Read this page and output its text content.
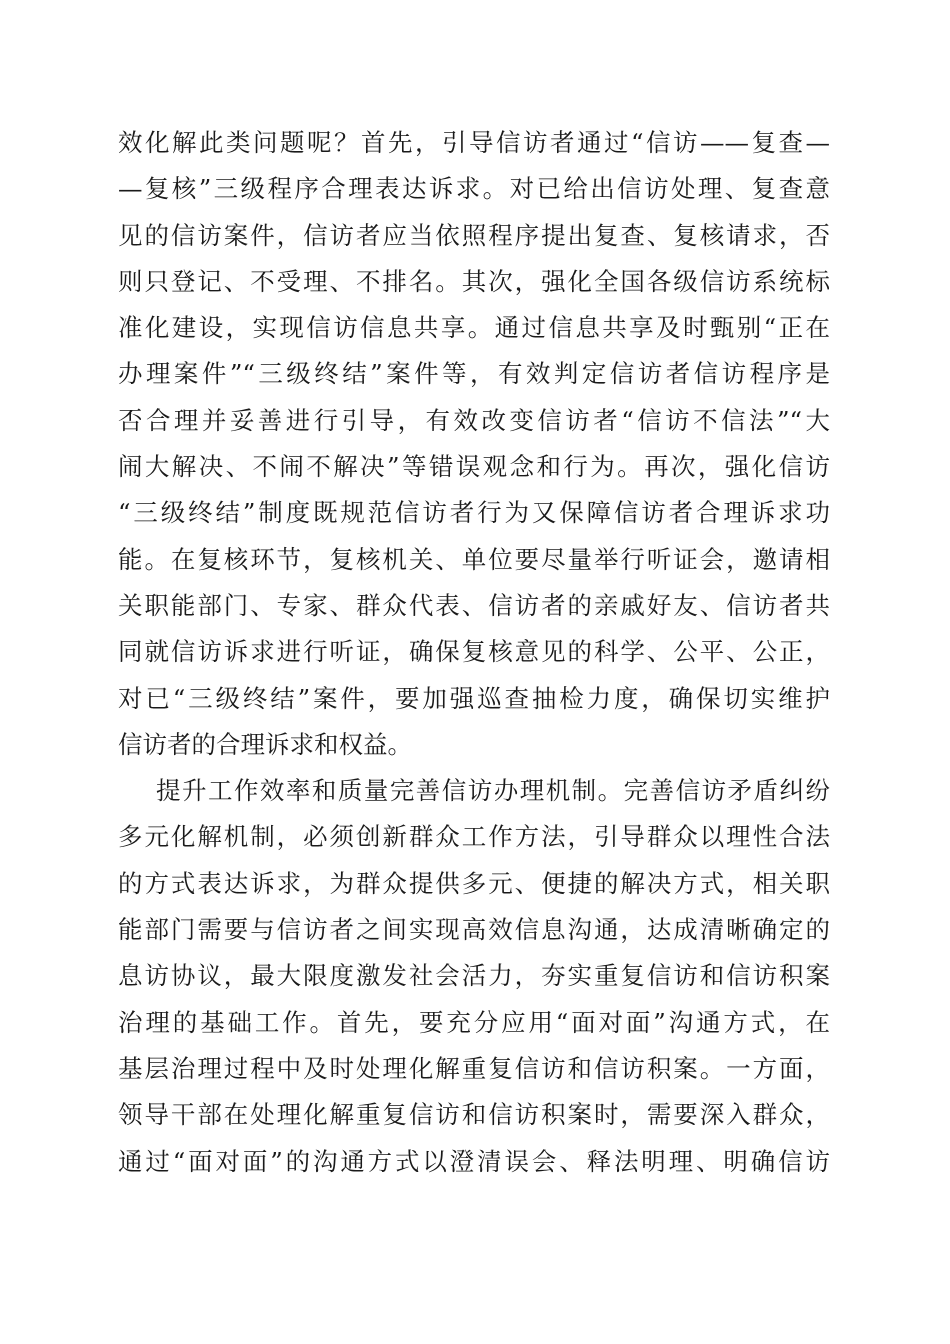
效化解此类问题呢？首先，引导信访者通过“信访——复查—
—复核”三级程序合理表达诉求。对已给出信访处理、复查意
见的信访案件，信访者应当依照程序提出复查、复核请求，否
则只登记、不受理、不排名。其次，强化全国各级信访系统标
准化建设，实现信访信息共享。通过信息共享及时甄别“正在
办理案件”“三级终结”案件等，有效判定信访者信访程序是
否合理并妥善进行引导，有效改变信访者“信访不信法”“大
闹大解决、不闹不解决”等错误观念和行为。再次，强化信访
“三级终结”制度既规范信访者行为又保障信访者合理诉求功
能。在复核环节，复核机关、单位要尽量举行听证会，邀请相
关职能部门、专家、群众代表、信访者的亲戚好友、信访者共
同就信访诉求进行听证，确保复核意见的科学、公平、公正，
对已“三级终结”案件，要加强巡查抽检力度，确保切实维护
信访者的合理诉求和权益。
提升工作效率和质量完善信访办理机制。完善信访矛盾纠纷
多元化解机制，必须创新群众工作方法，引导群众以理性合法
的方式表达诉求，为群众提供多元、便捷的解决方式，相关职
能部门需要与信访者之间实现高效信息沟通，达成清晰确定的
息访协议，最大限度激发社会活力，夯实重复信访和信访积案
治理的基础工作。首先，要充分应用“面对面”沟通方式，在
基层治理过程中及时处理化解重复信访和信访积案。一方面，
领导干部在处理化解重复信访和信访积案时，需要深入群众，
通过“面对面”的沟通方式以澄清误会、释法明理、明确信访
